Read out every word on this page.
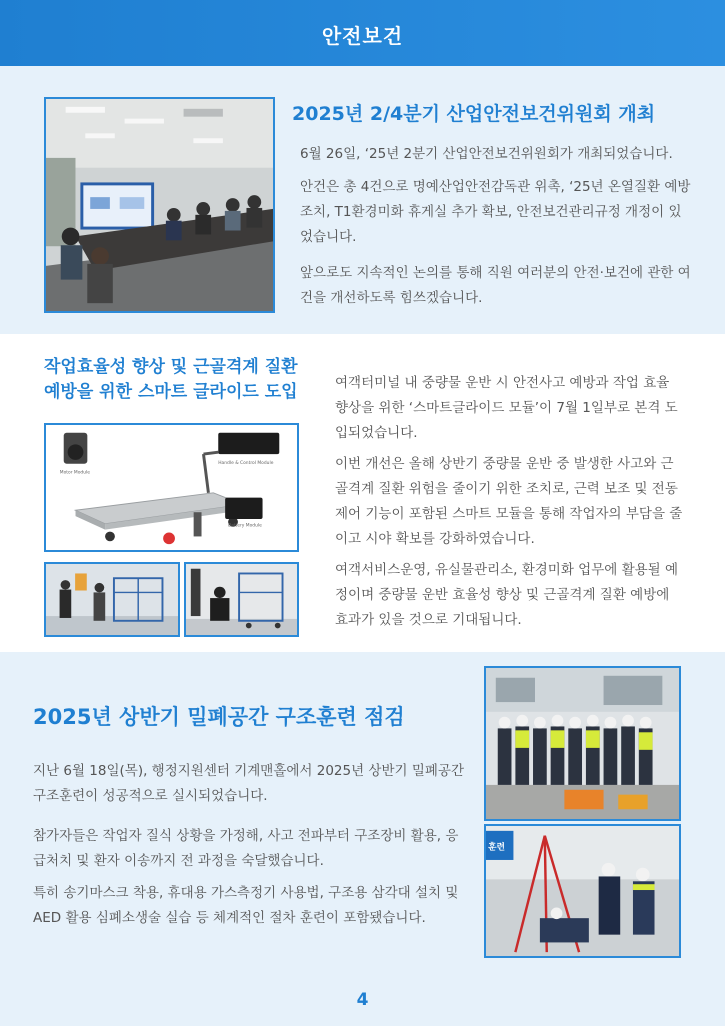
안전보건
2025년 2/4분기 산업안전보건위원회 개최

6월 26일, ‘25년 2분기 산업안전보건위원회가 개최되었습니다.

안건은 총 4건으로 명예산업안전감독관 위촉, ‘25년 온열질환 예방조치, T1환경미화 휴게실 추가 확보, 안전보건관리규정 개정이 있었습니다.

앞으로도 지속적인 논의를 통해 직원 여러분의 안전·보건에 관한 여건을 개선하도록 힘쓰겠습니다.

작업효율성 향상 및 근골격계 질환
예방을 위한 스마트 글라이드 도입
Motor Module
Handle & Control Module
Battery Module

여객터미널 내 중량물 운반 시 안전사고 예방과 작업 효율 향상을 위한 ‘스마트글라이드 모듈’이 7월 1일부로 본격 도입되었습니다.

이번 개선은 올해 상반기 중량물 운반 중 발생한 사고와 근골격계 질환 위험을 줄이기 위한 조치로, 근력 보조 및 전동 제어 기능이 포함된 스마트 모듈을 통해 작업자의 부담을 줄이고 시야 확보를 강화하였습니다.

여객서비스운영, 유실물관리소, 환경미화 업무에 활용될 예정이며 중량물 운반 효율성 향상 및 근골격계 질환 예방에 효과가 있을 것으로 기대됩니다.

2025년 상반기 밀폐공간 구조훈련 점검

지난 6월 18일(목), 행정지원센터 기계맨홀에서 2025년 상반기 밀폐공간 구조훈련이 성공적으로 실시되었습니다.

참가자들은 작업자 질식 상황을 가정해, 사고 전파부터 구조장비 활용, 응급처치 및 환자 이송까지 전 과정을 숙달했습니다.

특히 송기마스크 착용, 휴대용 가스측정기 사용법, 구조용 삼각대 설치 및 AED 활용 심폐소생술 실습 등 체계적인 절차 훈련이 포함됐습니다.

훈련
4
